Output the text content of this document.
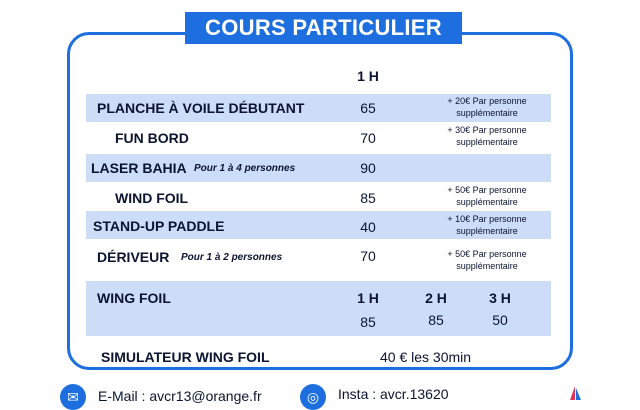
COURS PARTICULIER
1 H
PLANCHE À VOILE DÉBUTANT	65	+ 20€ Par personne
supplémentaire
FUN BORD	70	+ 30€ Par personne
supplémentaire
LASER BAHIA Pour 1 à 4 personnes	90
WIND FOIL	85	+ 50€ Par personne
supplémentaire
STAND-UP PADDLE	40	+ 10€ Par personne
supplémentaire
DÉRIVEUR Pour 1 à 2 personnes	70	+ 50€ Par personne
supplémentaire
WING FOIL	1 H	2 H	3 H
85	85	50
SIMULATEUR WING FOIL	40 € les 30min
✉	E-Mail : avcr13@orange.fr	◎	Insta : avcr.13620
